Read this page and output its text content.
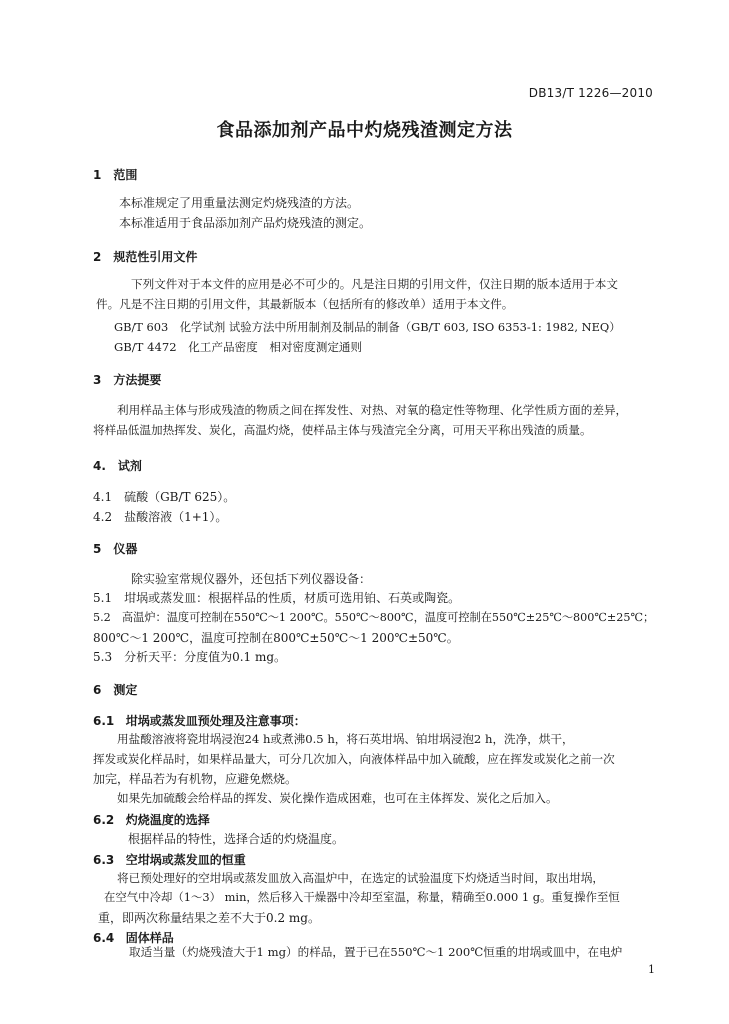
DB13/T 1226—2010
食品添加剂产品中灼烧残渣测定方法
1　范围
本标准规定了用重量法测定灼烧残渣的方法。
本标准适用于食品添加剂产品灼烧残渣的测定。
2　规范性引用文件
下列文件对于本文件的应用是必不可少的。凡是注日期的引用文件，仅注日期的版本适用于本文
件。凡是不注日期的引用文件，其最新版本（包括所有的修改单）适用于本文件。
GB/T 603　化学试剂 试验方法中所用制剂及制品的制备（GB/T 603, ISO 6353-1: 1982, NEQ）
GB/T 4472　化工产品密度　相对密度测定通则
3　方法提要
利用样品主体与形成残渣的物质之间在挥发性、对热、对氧的稳定性等物理、化学性质方面的差异，
将样品低温加热挥发、炭化，高温灼烧，使样品主体与残渣完全分离，可用天平称出残渣的质量。
4.　试剂
4.1　硫酸（GB/T 625）。
4.2　盐酸溶液（1+1）。
5　仪器
除实验室常规仪器外，还包括下列仪器设备：
5.1　坩埚或蒸发皿：根据样品的性质，材质可选用铂、石英或陶瓷。
5.2　高温炉：温度可控制在550℃～1 200℃。550℃～800℃，温度可控制在550℃±25℃～800℃±25℃；
800℃～1 200℃，温度可控制在800℃±50℃～1 200℃±50℃。
5.3　分析天平：分度值为0.1 mg。
6　测定
6.1 坩埚或蒸发皿预处理及注意事项：
用盐酸溶液将瓷坩埚浸泡24 h或煮沸0.5 h，将石英坩埚、铂坩埚浸泡2 h，洗净，烘干，
挥发或炭化样品时，如果样品量大，可分几次加入，向液体样品中加入硫酸，应在挥发或炭化之前一次
加完，样品若为有机物，应避免燃烧。
如果先加硫酸会给样品的挥发、炭化操作造成困难，也可在主体挥发、炭化之后加入。
6.2 灼烧温度的选择
根据样品的特性，选择合适的灼烧温度。
6.3 空坩埚或蒸发皿的恒重
将已预处理好的空坩埚或蒸发皿放入高温炉中，在选定的试验温度下灼烧适当时间，取出坩埚，
在空气中冷却（1～3） min，然后移入干燥器中冷却至室温，称量，精确至0.000 1 g。重复操作至恒
重，即两次称量结果之差不大于0.2 mg。
6.4 固体样品
取适当量（灼烧残渣大于1 mg）的样品，置于已在550℃～1 200℃恒重的坩埚或皿中，在电炉
1
